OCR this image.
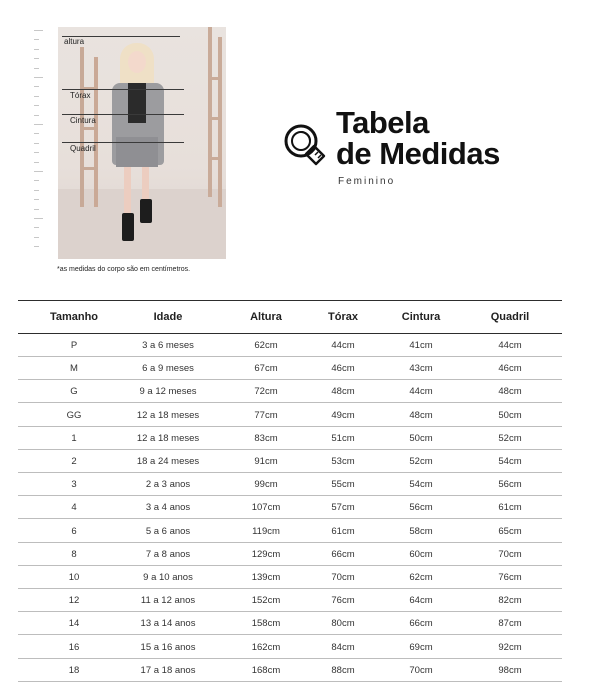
altura
Tórax
Cintura
Quadril
*as medidas do corpo são em centímetros.
Tabela
de Medidas
Feminino
Tamanho	Idade	Altura	Tórax	Cintura	Quadril
P	3 a 6 meses	62cm	44cm	41cm	44cm
M	6 a 9 meses	67cm	46cm	43cm	46cm
G	9 a 12 meses	72cm	48cm	44cm	48cm
GG	12 a 18 meses	77cm	49cm	48cm	50cm
1	12 a 18 meses	83cm	51cm	50cm	52cm
2	18 a 24 meses	91cm	53cm	52cm	54cm
3	2 a 3 anos	99cm	55cm	54cm	56cm
4	3 a 4 anos	107cm	57cm	56cm	61cm
6	5 a 6 anos	119cm	61cm	58cm	65cm
8	7 a 8 anos	129cm	66cm	60cm	70cm
10	9 a 10 anos	139cm	70cm	62cm	76cm
12	11 a 12 anos	152cm	76cm	64cm	82cm
14	13 a 14 anos	158cm	80cm	66cm	87cm
16	15 a 16 anos	162cm	84cm	69cm	92cm
18	17 a 18 anos	168cm	88cm	70cm	98cm
